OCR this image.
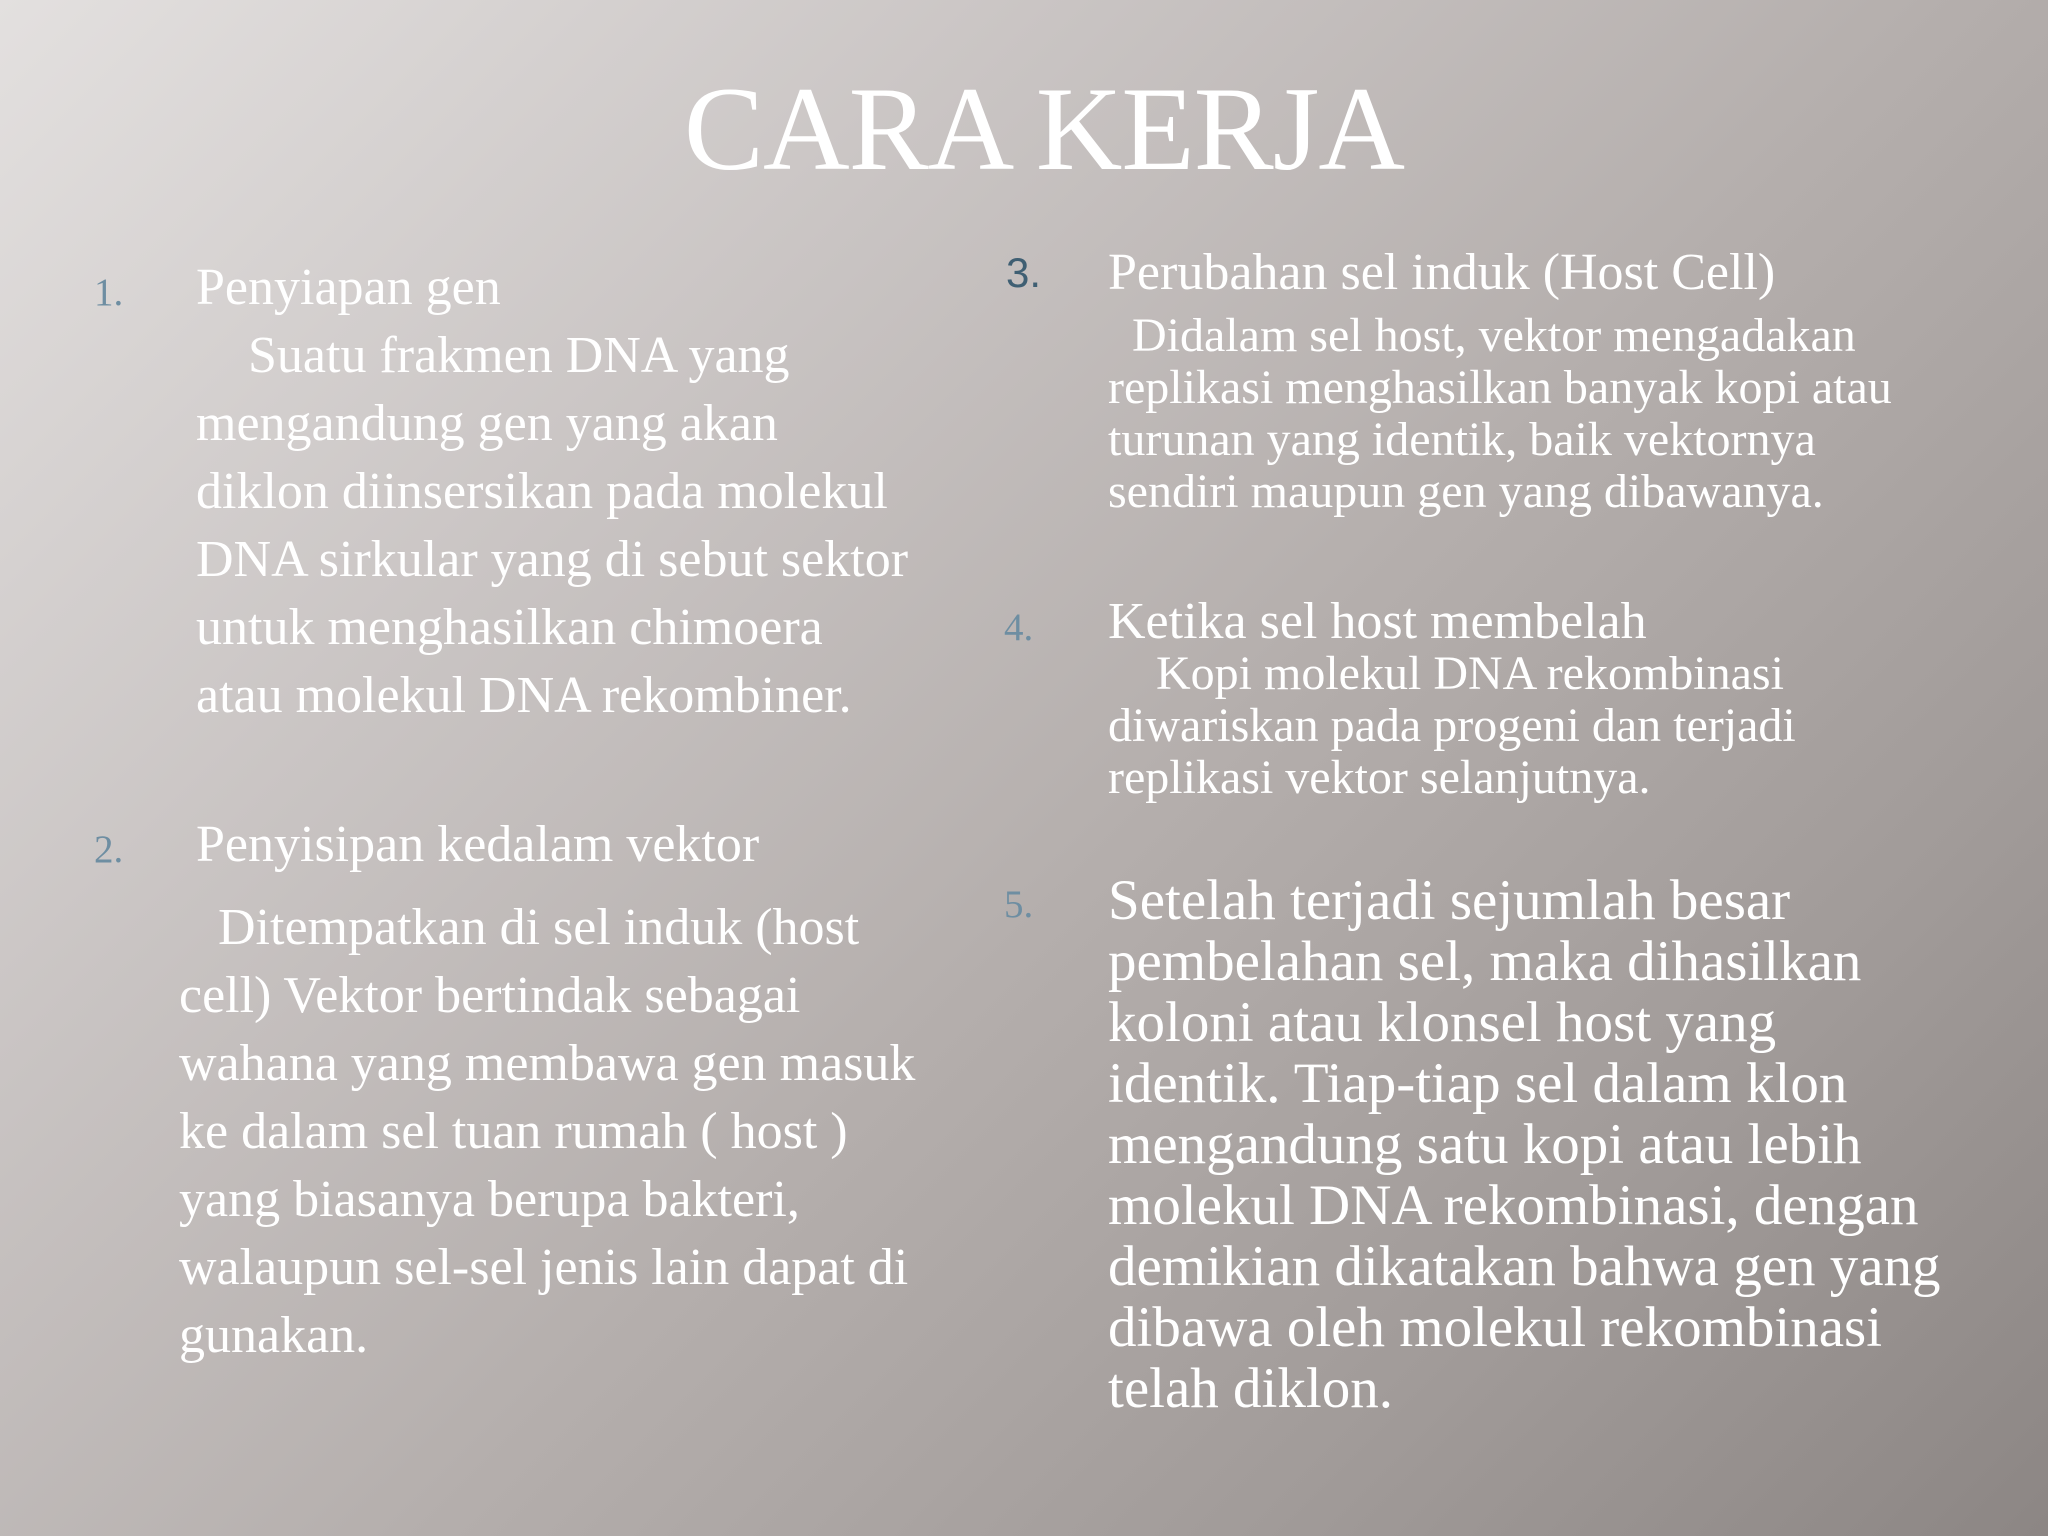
CARA KERJA
1. Penyiapan gen
Suatu frakmen DNA yang
mengandung gen yang akan
diklon diinsersikan pada molekul
DNA sirkular yang di sebut sektor
untuk menghasilkan chimoera
atau molekul DNA rekombiner.
2. Penyisipan kedalam vektor
Ditempatkan di sel induk (host
cell) Vektor bertindak sebagai
wahana yang membawa gen masuk
ke dalam sel tuan rumah ( host )
yang biasanya berupa bakteri,
walaupun sel-sel jenis lain dapat di
gunakan.
3. Perubahan sel induk (Host Cell)
Didalam sel host, vektor mengadakan
replikasi menghasilkan banyak kopi atau
turunan yang identik, baik vektornya
sendiri maupun gen yang dibawanya.
4. Ketika sel host membelah
Kopi molekul DNA rekombinasi
diwariskan pada progeni dan terjadi
replikasi vektor selanjutnya.
5. Setelah terjadi sejumlah besar
pembelahan sel, maka dihasilkan
koloni atau klonsel host yang
identik. Tiap-tiap sel dalam klon
mengandung satu kopi atau lebih
molekul DNA rekombinasi, dengan
demikian dikatakan bahwa gen yang
dibawa oleh molekul rekombinasi
telah diklon.
